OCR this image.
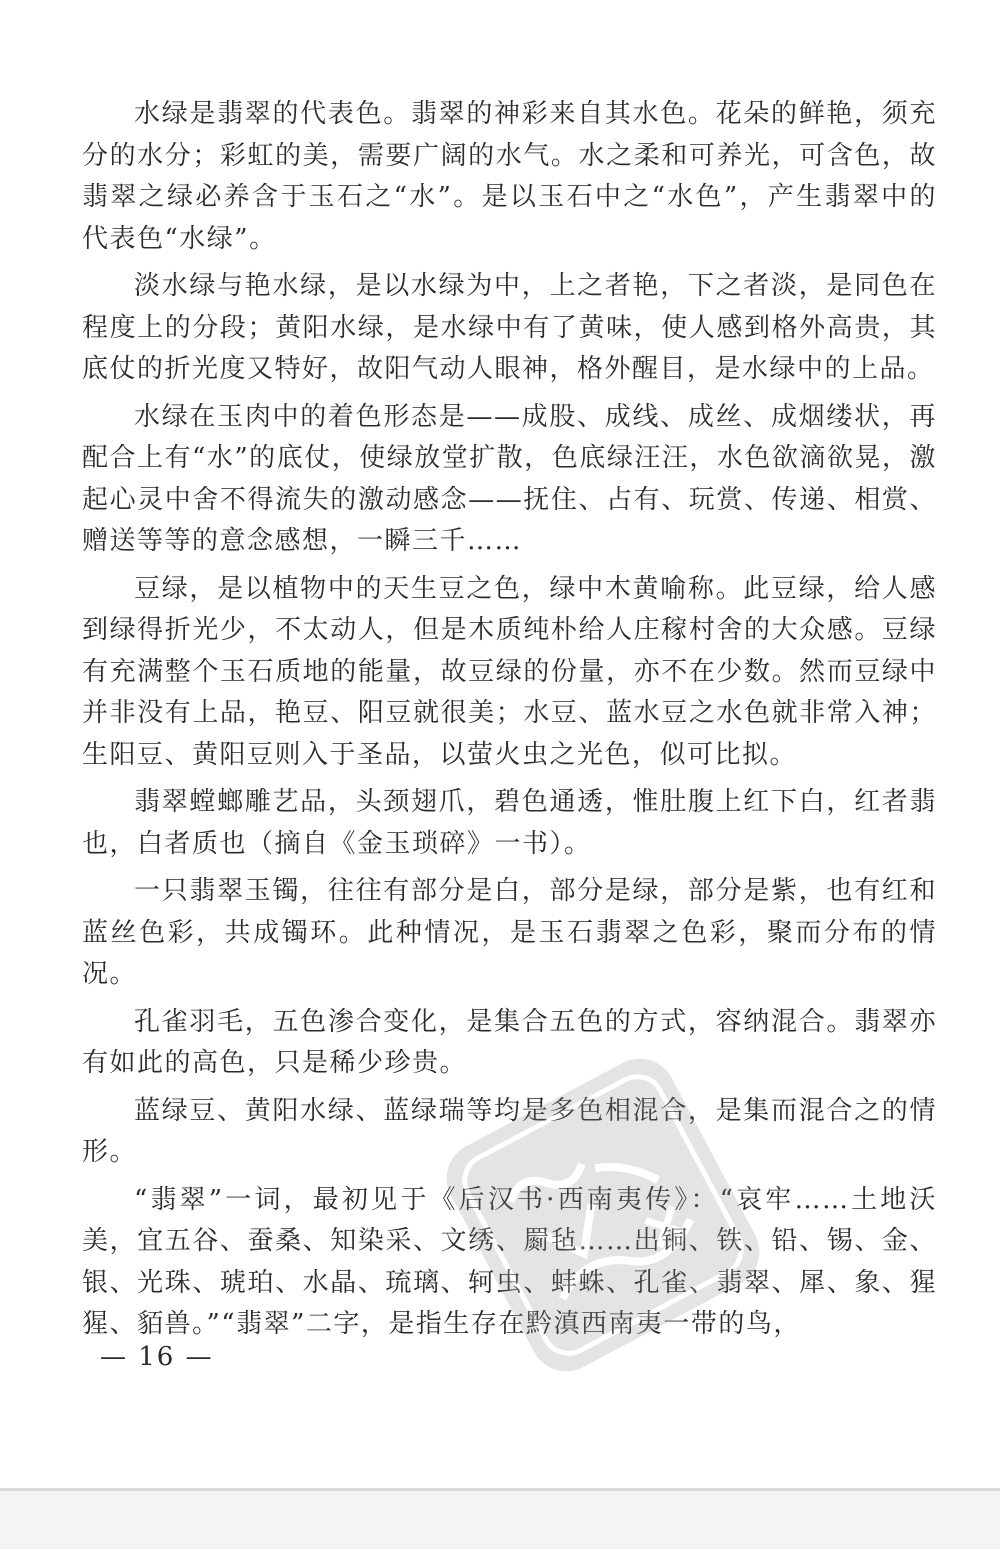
水绿是翡翠的代表色。翡翠的神彩来自其水色。花朵的鲜艳，须充分的水分；彩虹的美，需要广阔的水气。水之柔和可养光，可含色，故翡翠之绿必养含于玉石之“水”。是以玉石中之“水色”，产生翡翠中的代表色“水绿”。

淡水绿与艳水绿，是以水绿为中，上之者艳，下之者淡，是同色在程度上的分段；黄阳水绿，是水绿中有了黄味，使人感到格外高贵，其底仗的折光度又特好，故阳气动人眼神，格外醒目，是水绿中的上品。

水绿在玉肉中的着色形态是——成股、成线、成丝、成烟缕状，再配合上有“水”的底仗，使绿放堂扩散，色底绿汪汪，水色欲滴欲晃，激起心灵中舍不得流失的激动感念——抚住、占有、玩赏、传递、相赏、赠送等等的意念感想，一瞬三千……

豆绿，是以植物中的天生豆之色，绿中木黄喻称。此豆绿，给人感到绿得折光少，不太动人，但是木质纯朴给人庄稼村舍的大众感。豆绿有充满整个玉石质地的能量，故豆绿的份量，亦不在少数。然而豆绿中并非没有上品，艳豆、阳豆就很美；水豆、蓝水豆之水色就非常入神；生阳豆、黄阳豆则入于圣品，以萤火虫之光色，似可比拟。

翡翠螳螂雕艺品，头颈翅爪，碧色通透，惟肚腹上红下白，红者翡也，白者质也（摘自《金玉琐碎》一书）。

一只翡翠玉镯，往往有部分是白，部分是绿，部分是紫，也有红和蓝丝色彩，共成镯环。此种情况，是玉石翡翠之色彩，聚而分布的情况。

孔雀羽毛，五色渗合变化，是集合五色的方式，容纳混合。翡翠亦有如此的高色，只是稀少珍贵。

蓝绿豆、黄阳水绿、蓝绿瑞等均是多色相混合，是集而混合之的情形。

“翡翠”一词，最初见于《后汉书·西南夷传》：“哀牢……土地沃美，宜五谷、蚕桑、知染采、文绣、罽毡……出铜、铁、铅、锡、金、银、光珠、琥珀、水晶、琉璃、轲虫、蚌蛛、孔雀、翡翠、犀、象、猩猩、貊兽。”“翡翠”二字，是指生存在黔滇西南夷一带的鸟，

— 16 —
